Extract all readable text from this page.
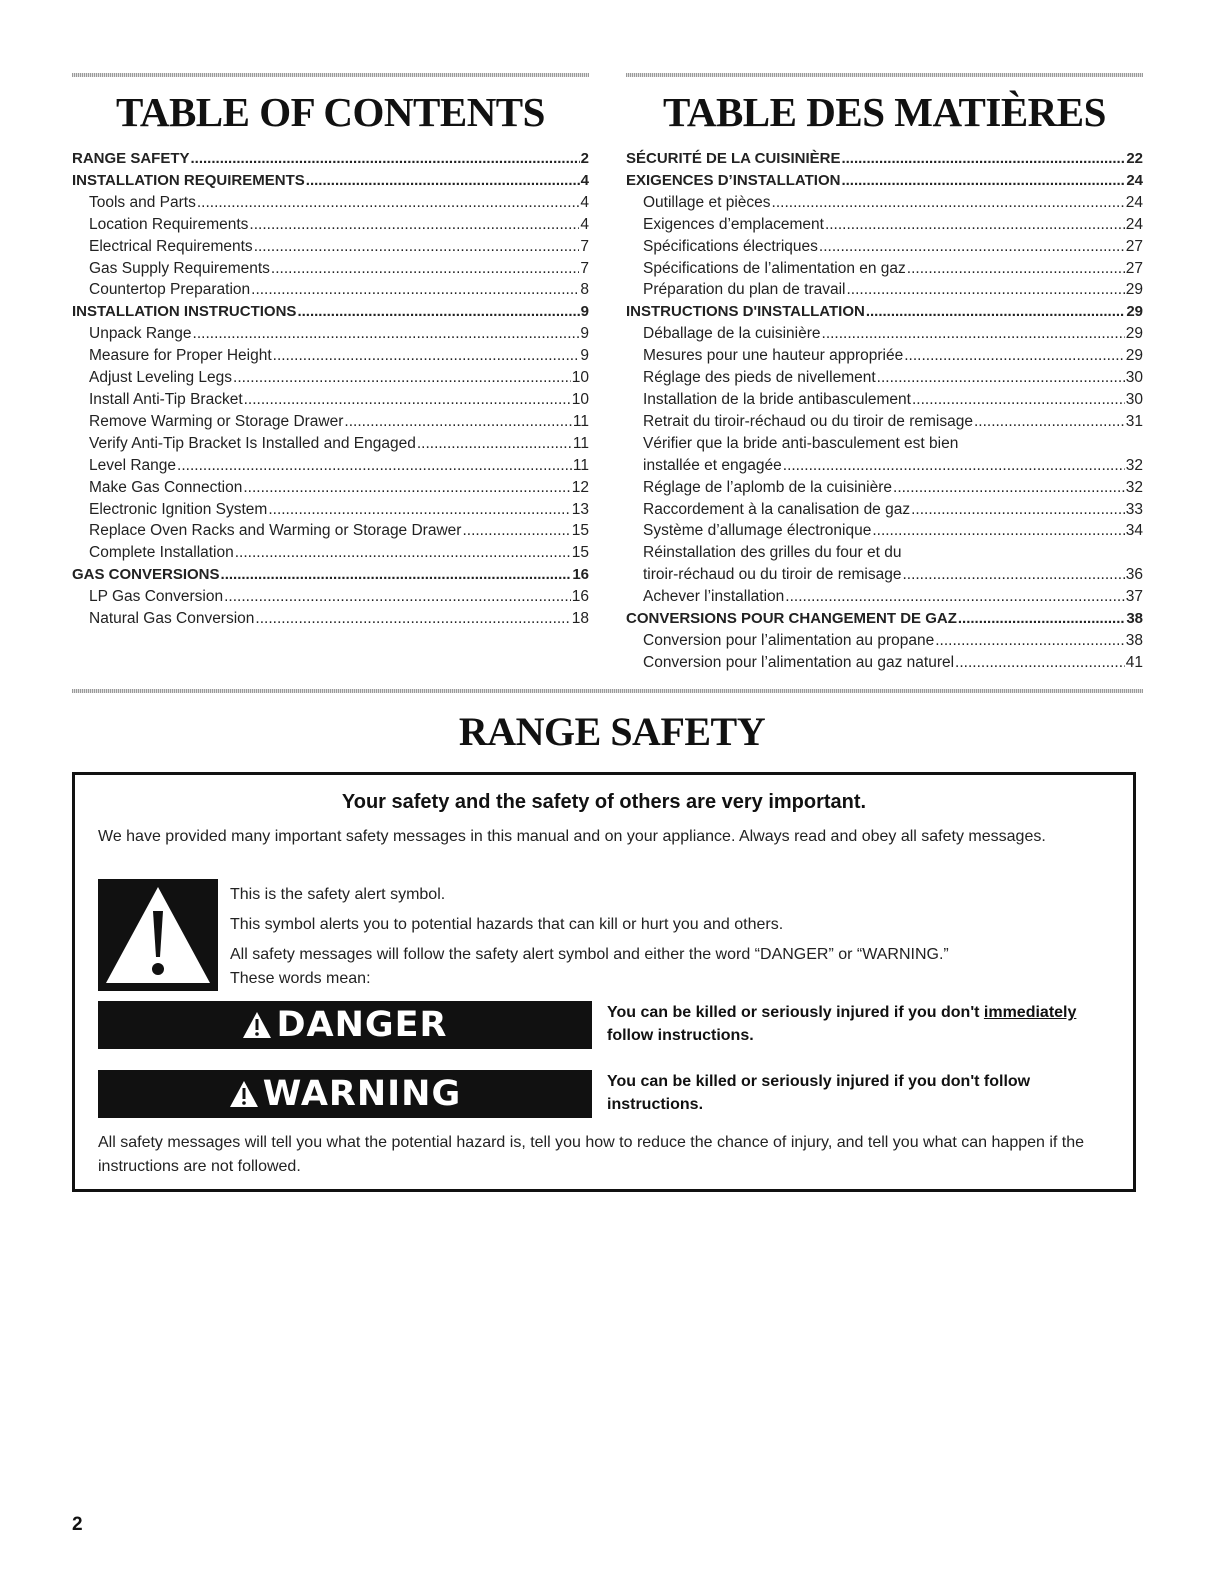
TABLE OF CONTENTS
RANGE SAFETY .....	2
INSTALLATION REQUIREMENTS .....	4
Tools and Parts .....	4
Location Requirements .....	4
Electrical Requirements .....	7
Gas Supply Requirements .....	7
Countertop Preparation .....	8
INSTALLATION INSTRUCTIONS .....	9
Unpack Range .....	9
Measure for Proper Height .....	9
Adjust Leveling Legs .....	10
Install Anti-Tip Bracket .....	10
Remove Warming or Storage Drawer .....	11
Verify Anti-Tip Bracket Is Installed and Engaged .....	11
Level Range .....	11
Make Gas Connection .....	12
Electronic Ignition System .....	13
Replace Oven Racks and Warming or Storage Drawer .....	15
Complete Installation .....	15
GAS CONVERSIONS .....	16
LP Gas Conversion .....	16
Natural Gas Conversion .....	18
TABLE DES MATIÈRES
SÉCURITÉ DE LA CUISINIÈRE .....	22
EXIGENCES D’INSTALLATION .....	24
Outillage et pièces .....	24
Exigences d’emplacement .....	24
Spécifications électriques .....	27
Spécifications de l’alimentation en gaz .....	27
Préparation du plan de travail .....	29
INSTRUCTIONS D'INSTALLATION .....	29
Déballage de la cuisinière .....	29
Mesures pour une hauteur appropriée .....	29
Réglage des pieds de nivellement .....	30
Installation de la bride antibasculement .....	30
Retrait du tiroir-réchaud ou du tiroir de remisage .....	31
Vérifier que la bride anti-basculement est bien
installée et engagée .....	32
Réglage de l’aplomb de la cuisinière .....	32
Raccordement à la canalisation de gaz .....	33
Système d’allumage électronique .....	34
Réinstallation des grilles du four et du
tiroir-réchaud ou du tiroir de remisage .....	36
Achever l’installation .....	37
CONVERSIONS POUR CHANGEMENT DE GAZ .....	38
Conversion pour l’alimentation au propane .....	38
Conversion pour l’alimentation au gaz naturel .....	41
RANGE SAFETY

Your safety and the safety of others are very important.

We have provided many important safety messages in this manual and on your appliance. Always read and obey all safety messages.

This is the safety alert symbol.

This symbol alerts you to potential hazards that can kill or hurt you and others.

All safety messages will follow the safety alert symbol and either the word “DANGER” or “WARNING.”

These words mean:

DANGER	You can be killed or seriously injured if you don't immediately
follow instructions.

WARNING	You can be killed or seriously injured if you don't follow
instructions.

All safety messages will tell you what the potential hazard is, tell you how to reduce the chance of injury, and tell you what can happen if the instructions are not followed.

2
